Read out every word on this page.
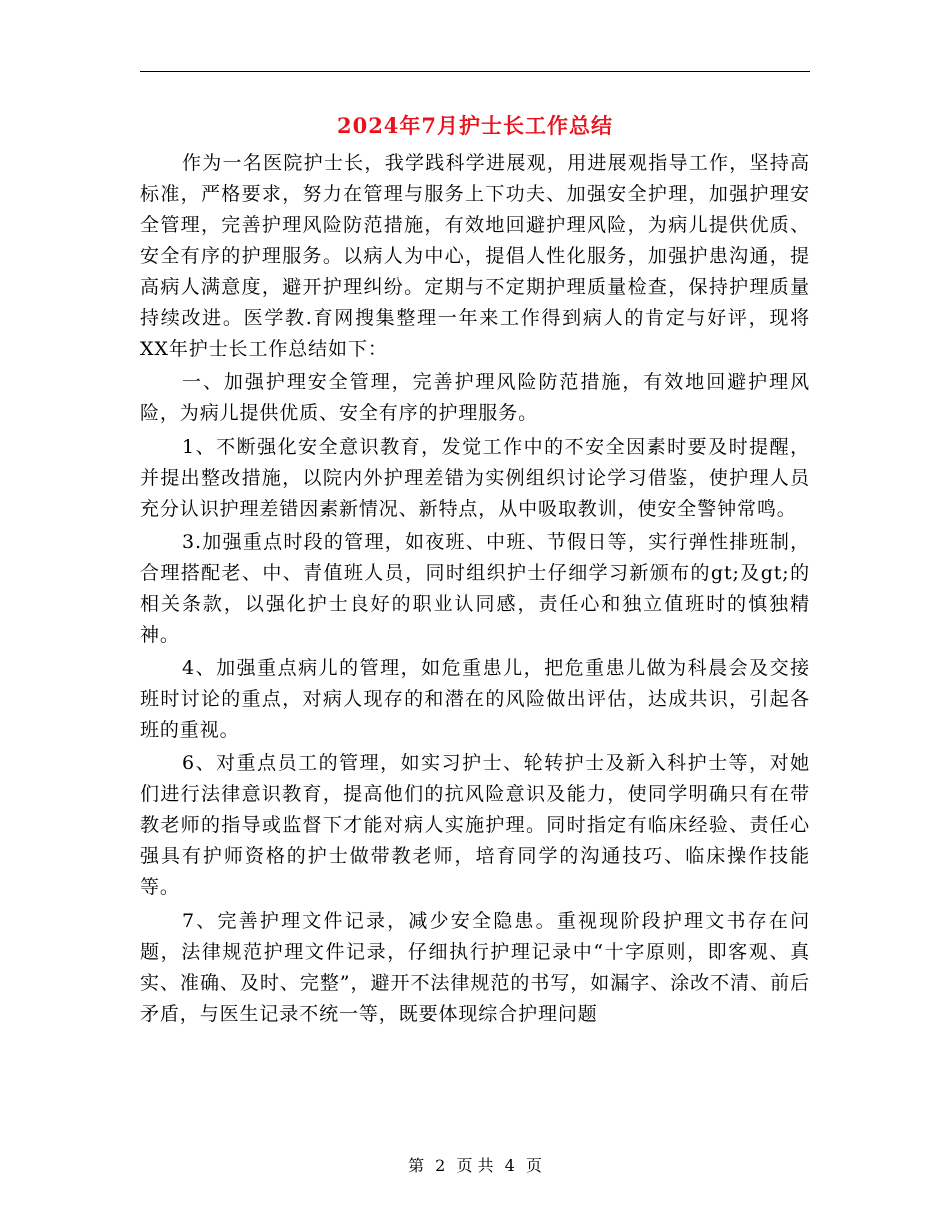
2024年7月护士长工作总结

作为一名医院护士长，我学践科学进展观，用进展观指导工作，坚持高标准，严格要求，努力在管理与服务上下功夫、加强安全护理，加强护理安全管理，完善护理风险防范措施，有效地回避护理风险，为病儿提供优质、安全有序的护理服务。以病人为中心，提倡人性化服务，加强护患沟通，提高病人满意度，避开护理纠纷。定期与不定期护理质量检查，保持护理质量持续改进。医学教.育网搜集整理一年来工作得到病人的肯定与好评，现将XX年护士长工作总结如下：

一、加强护理安全管理，完善护理风险防范措施，有效地回避护理风险，为病儿提供优质、安全有序的护理服务。

1、不断强化安全意识教育，发觉工作中的不安全因素时要及时提醒，并提出整改措施，以院内外护理差错为实例组织讨论学习借鉴，使护理人员充分认识护理差错因素新情况、新特点，从中吸取教训，使安全警钟常鸣。

3.加强重点时段的管理，如夜班、中班、节假日等，实行弹性排班制，合理搭配老、中、青值班人员，同时组织护士仔细学习新颁布的gt;及gt;的相关条款，以强化护士良好的职业认同感，责任心和独立值班时的慎独精神。

4、加强重点病儿的管理，如危重患儿，把危重患儿做为科晨会及交接班时讨论的重点，对病人现存的和潜在的风险做出评估，达成共识，引起各班的重视。

6、对重点员工的管理，如实习护士、轮转护士及新入科护士等，对她们进行法律意识教育，提高他们的抗风险意识及能力，使同学明确只有在带教老师的指导或监督下才能对病人实施护理。同时指定有临床经验、责任心强具有护师资格的护士做带教老师，培育同学的沟通技巧、临床操作技能等。

7、完善护理文件记录，减少安全隐患。重视现阶段护理文书存在问题，法律规范护理文件记录，仔细执行护理记录中“十字原则，即客观、真实、准确、及时、完整”，避开不法律规范的书写，如漏字、涂改不清、前后矛盾，与医生记录不统一等，既要体现综合护理问题

第 2 页 共 4 页
